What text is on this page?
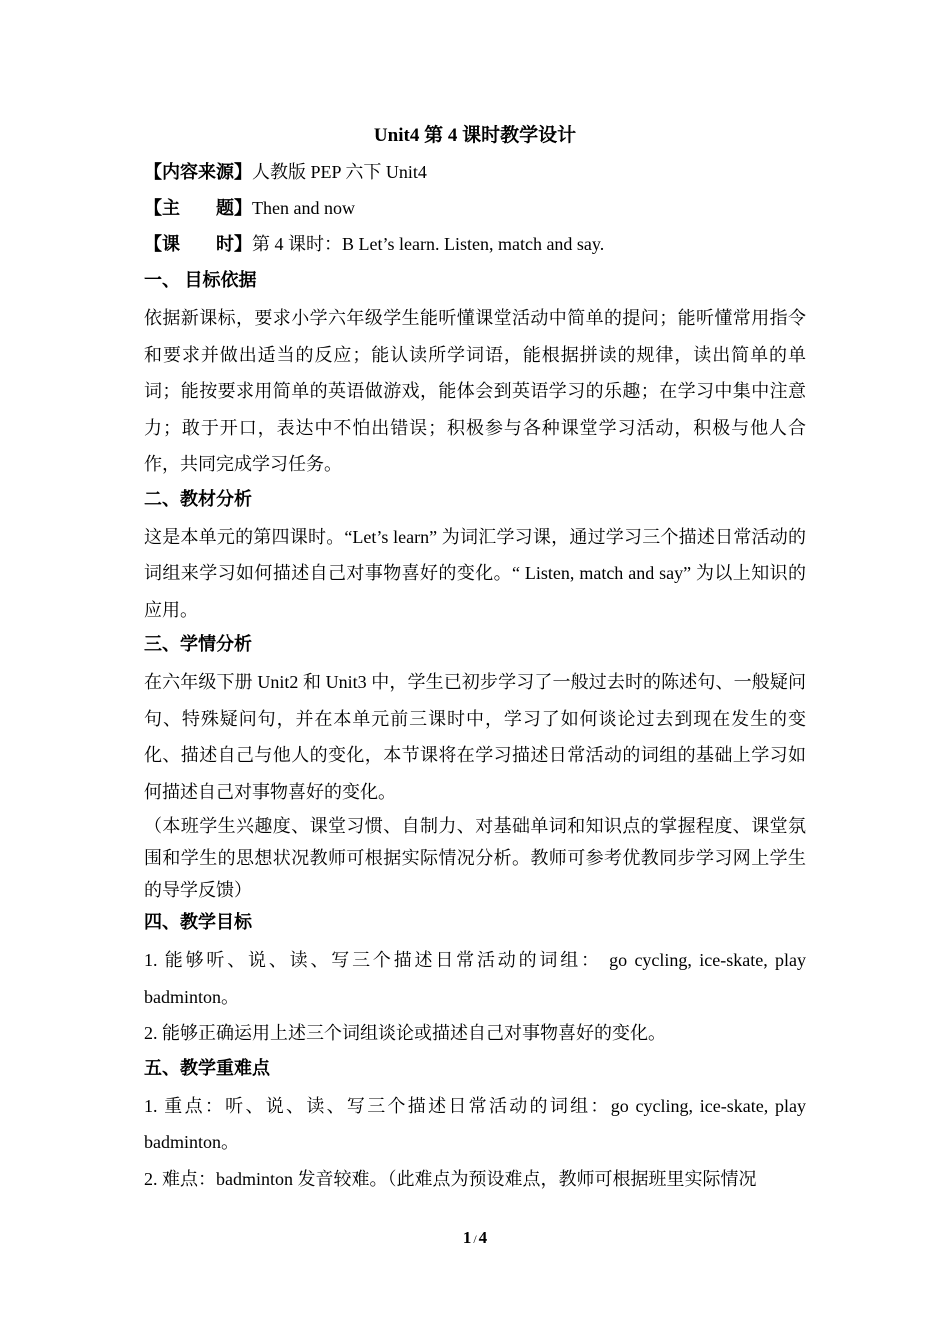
Unit4 第 4 课时教学设计
【内容来源】人教版 PEP 六下 Unit4
【主　　题】Then and now
【课　　时】第 4 课时：B Let’s learn. Listen, match and say.
一、 目标依据

依据新课标，要求小学六年级学生能听懂课堂活动中简单的提问；能听懂常用指令和要求并做出适当的反应；能认读所学词语，能根据拼读的规律，读出简单的单词；能按要求用简单的英语做游戏，能体会到英语学习的乐趣；在学习中集中注意力；敢于开口，表达中不怕出错误；积极参与各种课堂学习活动，积极与他人合作，共同完成学习任务。

二、教材分析

这是本单元的第四课时。“Let’s learn” 为词汇学习课，通过学习三个描述日常活动的词组来学习如何描述自己对事物喜好的变化。“ Listen, match and say” 为以上知识的应用。

三、学情分析

在六年级下册 Unit2 和 Unit3 中，学生已初步学习了一般过去时的陈述句、一般疑问句、特殊疑问句，并在本单元前三课时中，学习了如何谈论过去到现在发生的变化、描述自己与他人的变化，本节课将在学习描述日常活动的词组的基础上学习如何描述自己对事物喜好的变化。

（本班学生兴趣度、课堂习惯、自制力、对基础单词和知识点的掌握程度、课堂氛围和学生的思想状况教师可根据实际情况分析。教师可参考优教同步学习网上学生的导学反馈）

四、教学目标

1. 能够听、说、读、写三个描述日常活动的词组： go cycling, ice-skate, play badminton。

2. 能够正确运用上述三个词组谈论或描述自己对事物喜好的变化。

五、教学重难点

1. 重点：听、说、读、写三个描述日常活动的词组：go cycling, ice-skate, play badminton。

2. 难点：badminton 发音较难。（此难点为预设难点，教师可根据班里实际情况

1 / 4
